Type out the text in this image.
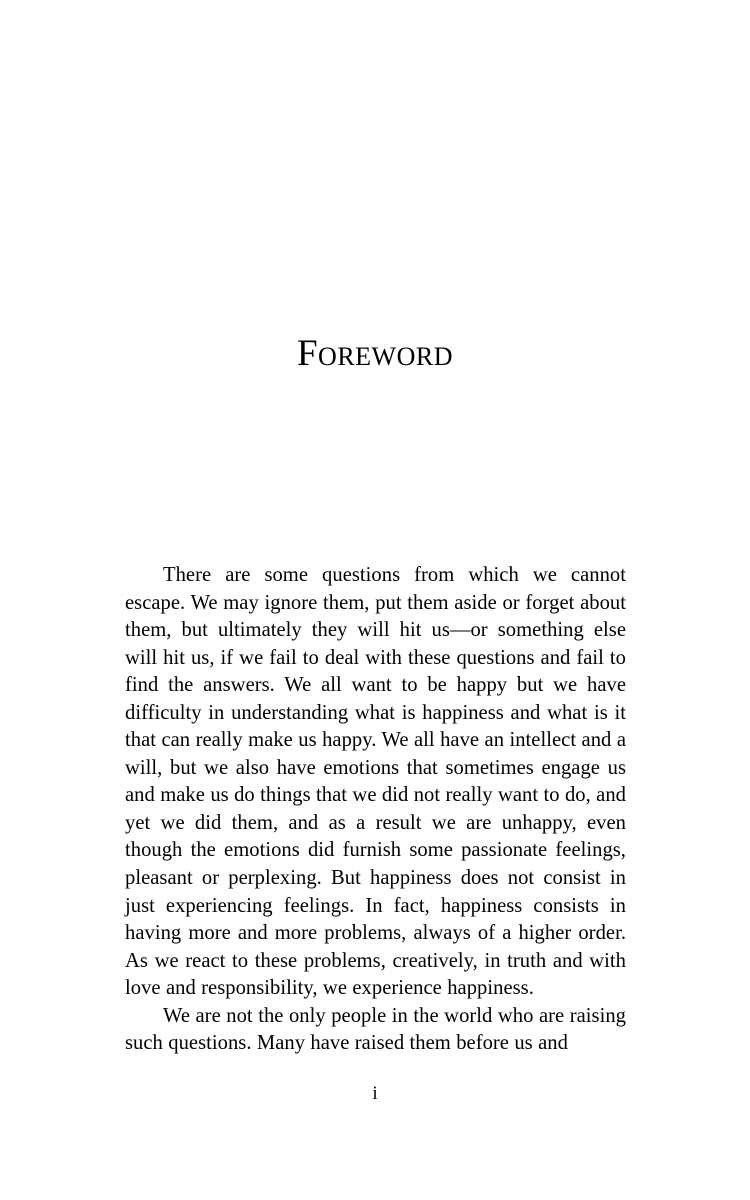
Foreword

There are some questions from which we cannot escape. We may ignore them, put them aside or forget about them, but ultimately they will hit us—or something else will hit us, if we fail to deal with these questions and fail to find the answers. We all want to be happy but we have difficulty in understanding what is happiness and what is it that can really make us happy. We all have an intellect and a will, but we also have emotions that sometimes engage us and make us do things that we did not really want to do, and yet we did them, and as a result we are unhappy, even though the emotions did furnish some passionate feelings, pleasant or perplexing. But happiness does not consist in just experiencing feelings. In fact, happiness consists in having more and more problems, always of a higher order. As we react to these problems, creatively, in truth and with love and responsibility, we experience happiness.

We are not the only people in the world who are raising such questions. Many have raised them before us and

i
